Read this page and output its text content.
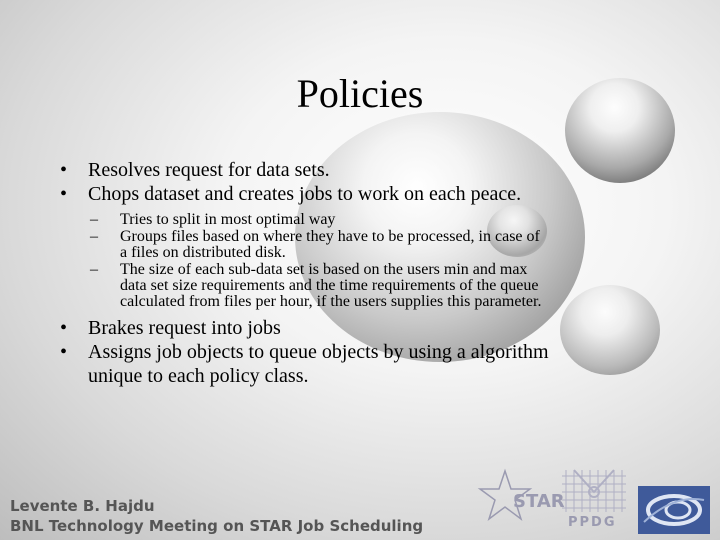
Policies
• Resolves request for data sets.
• Chops dataset and creates jobs to work on each peace.
– Tries to split in most optimal way
– Groups files based on where they have to be processed, in case of
a files on distributed disk.
– The size of each sub-data set is based on the users min and max
data set size requirements and the time requirements of the queue
calculated from files per hour, if the users supplies this parameter.
• Brakes request into jobs
• Assigns job objects to queue objects by using a algorithm
unique to each policy class.
Levente B. Hajdu
BNL Technology Meeting on STAR Job Scheduling
STAR
PPDG
